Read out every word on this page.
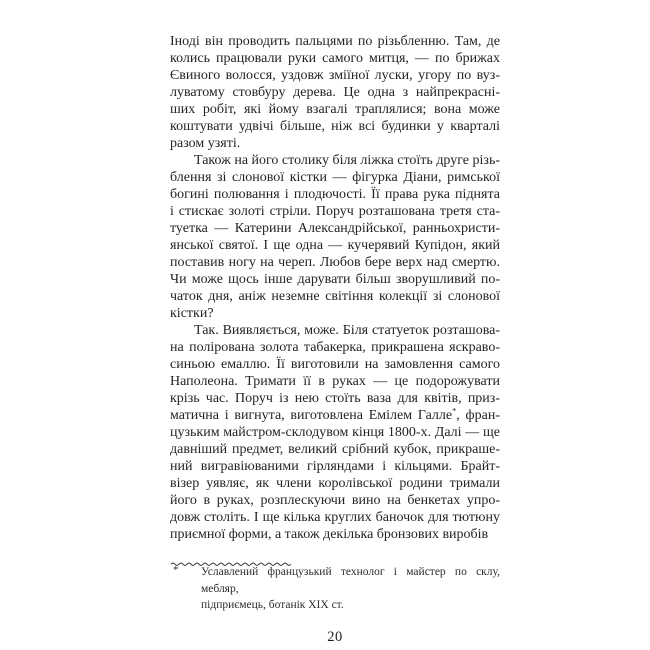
Іноді він проводить пальцями по різьбленню. Там, де
колись працювали руки самого митця, — по брижах
Євиного волосся, уздовж зміїної луски, угору по вуз-
луватому стовбуру дерева. Це одна з найпрекрасні-
ших робіт, які йому взагалі траплялися; вона може
коштувати удвічі більше, ніж всі будинки у кварталі
разом узяті.
Також на його столику біля ліжка стоїть друге різь-
блення зі слонової кістки — фігурка Діани, римської
богині полювання і плодючості. Її права рука піднята
і стискає золоті стріли. Поруч розташована третя ста-
туетка — Катерини Александрійської, ранньохристи-
янської святої. І ще одна — кучерявий Купідон, який
поставив ногу на череп. Любов бере верх над смертю.
Чи може щось інше дарувати більш зворушливий по-
чаток дня, аніж неземне світіння колекції зі слонової
кістки?
Так. Виявляється, може. Біля статуеток розташова-
на полірована золота табакерка, прикрашена яскраво-
синьою емаллю. Її виготовили на замовлення самого
Наполеона. Тримати її в руках — це подорожувати
крізь час. Поруч із нею стоїть ваза для квітів, приз-
матична і вигнута, виготовлена Емілем Галле*, фран-
цузьким майстром-склодувом кінця 1800-х. Далі — ще
давніший предмет, великий срібний кубок, прикраше-
ний вигравіюваними гірляндами і кільцями. Брайт-
візер уявляє, як члени королівської родини тримали
його в руках, розплескуючи вино на бенкетах упро-
довж століть. І ще кілька круглих баночок для тютюну
приємної форми, а також декілька бронзових виробів
*	Уславлений французький технолог і майстер по склу, мебляр,
підприємець, ботанік XIX ст.
20
